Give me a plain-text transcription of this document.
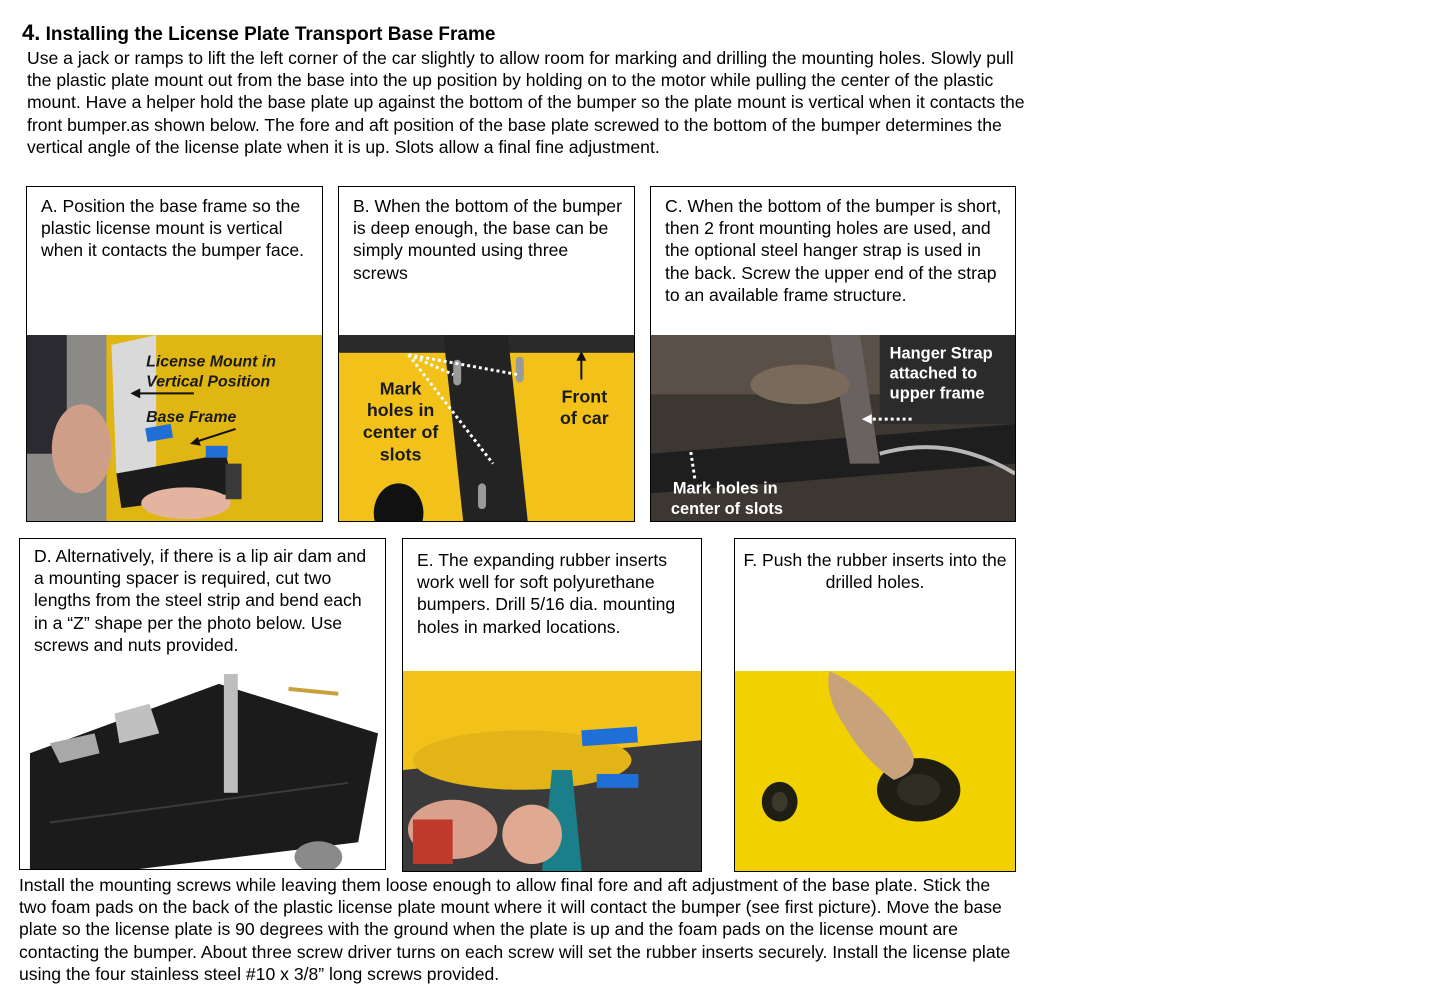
4. Installing the License Plate Transport Base Frame
Use a jack or ramps to lift the left corner of the car slightly to allow room for marking and drilling the mounting holes. Slowly pull the plastic plate mount out from the base into the up position by holding on to the motor while pulling the center of the plastic mount. Have a helper hold the base plate up against the bottom of the bumper so the plate mount is vertical when it contacts the front bumper.as shown below. The fore and aft position of the base plate screwed to the bottom of the bumper determines the vertical angle of the license plate when it is up. Slots allow a final fine adjustment.
A. Position the base frame so the plastic license mount is vertical when it contacts the bumper face.
License Mount in
Vertical Position
Base Frame
B. When the bottom of the bumper is deep enough, the base can be simply mounted using three screws
Mark
holes in
center of
slots
Front
of car
C. When the bottom of the bumper is short, then 2 front mounting holes are used, and the optional steel hanger strap is used in the back. Screw the upper end of the strap to an available frame structure.
Hanger Strap
attached to
upper frame
Mark holes in
center of slots
D. Alternatively, if there is a lip air dam and a mounting spacer is required, cut two lengths from the steel strip and bend each in a “Z” shape per the photo below. Use screws and nuts provided.
E. The expanding rubber inserts work well for soft polyurethane bumpers. Drill 5/16 dia. mounting holes in marked locations.
F. Push the rubber inserts into the drilled holes.
Install the mounting screws while leaving them loose enough to allow final fore and aft adjustment of the base plate. Stick the two foam pads on the back of the plastic license plate mount where it will contact the bumper (see first picture). Move the base plate so the license plate is 90 degrees with the ground when the plate is up and the foam pads on the license mount are contacting the bumper. About three screw driver turns on each screw will set the rubber inserts securely. Install the license plate using the four stainless steel #10 x 3/8” long screws provided.
